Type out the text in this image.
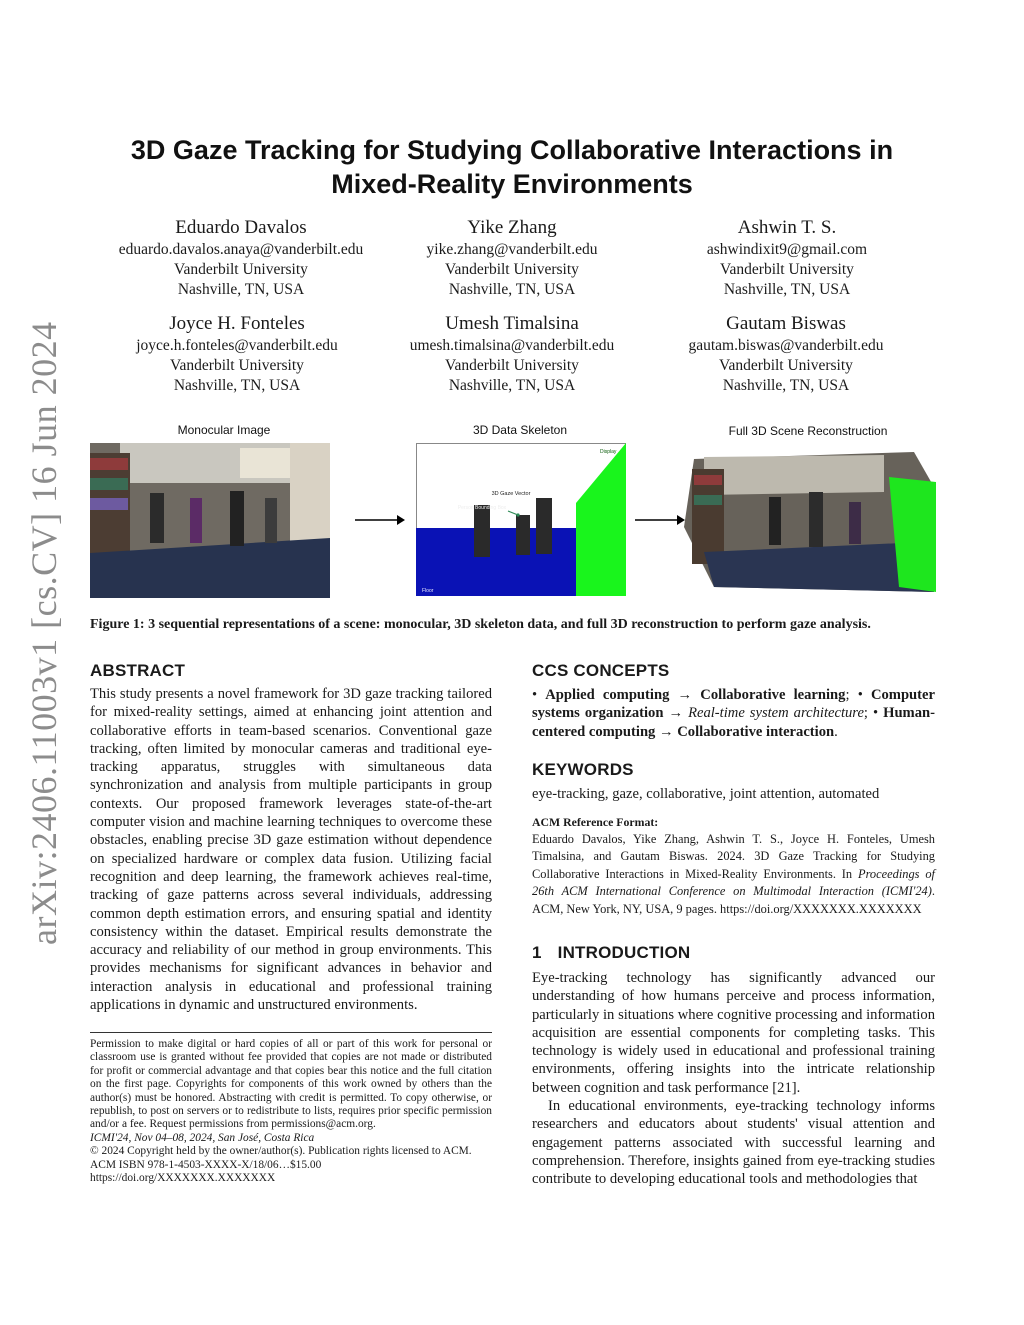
arXiv:2406.11003v1 [cs.CV] 16 Jun 2024
3D Gaze Tracking for Studying Collaborative Interactions in
Mixed-Reality Environments
Eduardo Davalos
eduardo.davalos.anaya@vanderbilt.edu
Vanderbilt University
Nashville, TN, USA
Yike Zhang
yike.zhang@vanderbilt.edu
Vanderbilt University
Nashville, TN, USA
Ashwin T. S.
ashwindixit9@gmail.com
Vanderbilt University
Nashville, TN, USA
Joyce H. Fonteles
joyce.h.fonteles@vanderbilt.edu
Vanderbilt University
Nashville, TN, USA
Umesh Timalsina
umesh.timalsina@vanderbilt.edu
Vanderbilt University
Nashville, TN, USA
Gautam Biswas
gautam.biswas@vanderbilt.edu
Vanderbilt University
Nashville, TN, USA
Monocular Image	3D Data Skeleton	Full 3D Scene Reconstruction
3D Gaze Vector
Person Bounding Box
Display
Floor
Figure 1: 3 sequential representations of a scene: monocular, 3D skeleton data, and full 3D reconstruction to perform gaze analysis.
ABSTRACT
This study presents a novel framework for 3D gaze tracking tailored for mixed-reality settings, aimed at enhancing joint attention and collaborative efforts in team-based scenarios. Conventional gaze tracking, often limited by monocular cameras and traditional eye-tracking apparatus, struggles with simultaneous data synchronization and analysis from multiple participants in group contexts. Our proposed framework leverages state-of-the-art computer vision and machine learning techniques to overcome these obstacles, enabling precise 3D gaze estimation without dependence on specialized hardware or complex data fusion. Utilizing facial recognition and deep learning, the framework achieves real-time, tracking of gaze patterns across several individuals, addressing common depth estimation errors, and ensuring spatial and identity consistency within the dataset. Empirical results demonstrate the accuracy and reliability of our method in group environments. This provides mechanisms for significant advances in behavior and interaction analysis in educational and professional training applications in dynamic and unstructured environments.
Permission to make digital or hard copies of all or part of this work for personal or classroom use is granted without fee provided that copies are not made or distributed for profit or commercial advantage and that copies bear this notice and the full citation on the first page. Copyrights for components of this work owned by others than the author(s) must be honored. Abstracting with credit is permitted. To copy otherwise, or republish, to post on servers or to redistribute to lists, requires prior specific permission and/or a fee. Request permissions from permissions@acm.org.
ICMI'24, Nov 04–08, 2024, San José, Costa Rica
© 2024 Copyright held by the owner/author(s). Publication rights licensed to ACM.
ACM ISBN 978-1-4503-XXXX-X/18/06…$15.00
https://doi.org/XXXXXXX.XXXXXXX
CCS CONCEPTS
• Applied computing → Collaborative learning; • Computer systems organization → Real-time system architecture; • Human-centered computing → Collaborative interaction.
KEYWORDS
eye-tracking, gaze, collaborative, joint attention, automated
ACM Reference Format:
Eduardo Davalos, Yike Zhang, Ashwin T. S., Joyce H. Fonteles, Umesh Timalsina, and Gautam Biswas. 2024. 3D Gaze Tracking for Studying Collaborative Interactions in Mixed-Reality Environments. In Proceedings of 26th ACM International Conference on Multimodal Interaction (ICMI'24). ACM, New York, NY, USA, 9 pages. https://doi.org/XXXXXXX.XXXXXXX
1 INTRODUCTION
Eye-tracking technology has significantly advanced our understanding of how humans perceive and process information, particularly in situations where cognitive processing and information acquisition are essential components for completing tasks. This technology is widely used in educational and professional training environments, offering insights into the intricate relationship between cognition and task performance [21].
In educational environments, eye-tracking technology informs researchers and educators about students' visual attention and engagement patterns associated with successful learning and comprehension. Therefore, insights gained from eye-tracking studies contribute to developing educational tools and methodologies that
